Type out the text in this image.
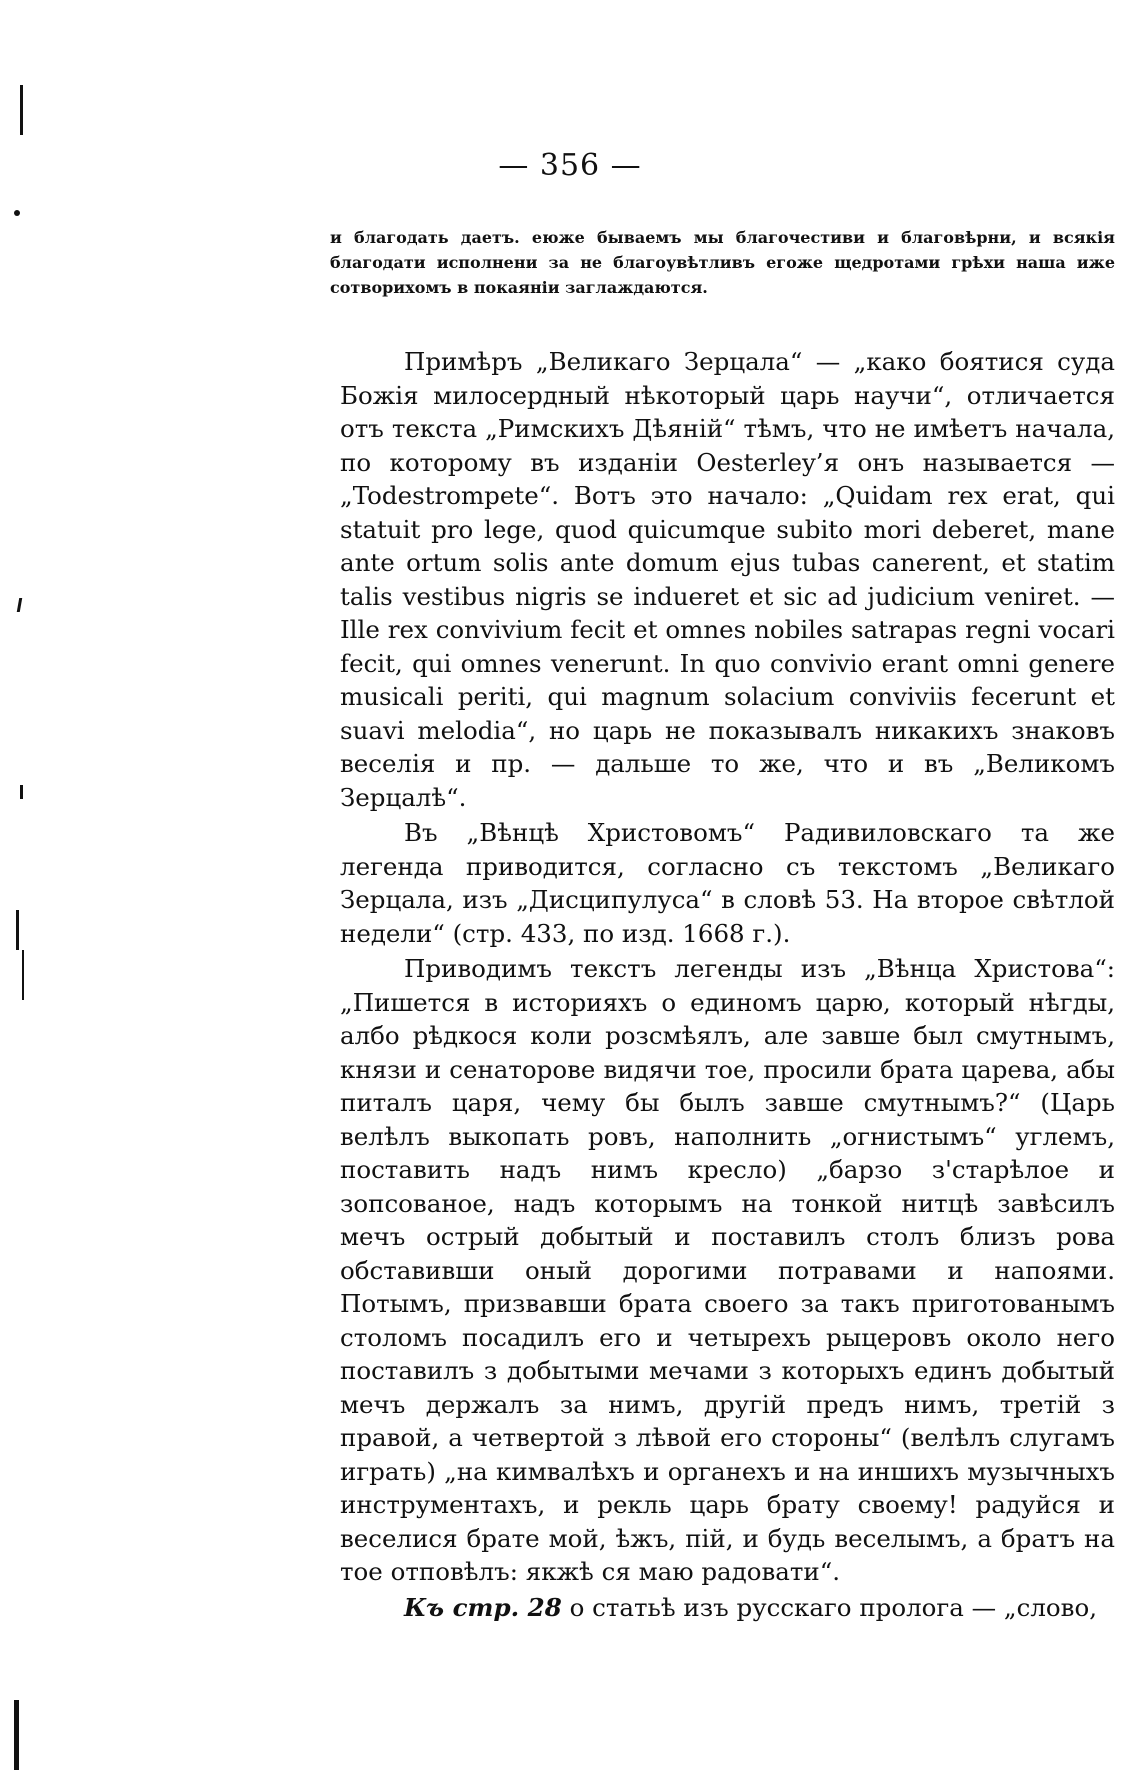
— 356 —
и благодать даетъ. еюже бываемъ мы благочестиви и благовѣрни, и всякія благодати исполнени за не благоувѣтливъ егоже щедротами грѣхи наша иже сотворихомъ в покаяніи заглаждаются.

Примѣръ „Великаго Зерцала“ — „како боятися суда Божія милосердный нѣкоторый царь научи“, отличается отъ текста „Римскихъ Дѣяній“ тѣмъ, что не имѣетъ начала, по которому въ изданіи Oesterley’я онъ называется — „Todestrompete“. Вотъ это начало: „Quidam rex erat, qui statuit pro lege, quod quicumque subito mori deberet, mane ante ortum solis ante domum ejus tubas canerent, et statim talis vestibus nigris se indueret et sic ad judicium veniret. — Ille rex convivium fecit et omnes nobiles satrapas regni vocari fecit, qui omnes venerunt. In quo convivio erant omni genere musicali periti, qui magnum solacium conviviis fecerunt et suavi melodia“, но царь не показывалъ никакихъ знаковъ веселія и пр. — дальше то же, что и въ „Великомъ Зерцалѣ“.

Въ „Вѣнцѣ Христовомъ“ Радивиловскаго та же легенда приводится, согласно съ текстомъ „Великаго Зерцала, изъ „Дисципулуса“ в словѣ 53. На второе свѣтлой недели“ (стр. 433, по изд. 1668 г.).

Приводимъ текстъ легенды изъ „Вѣнца Христова“: „Пишется в историяхъ о единомъ царю, который нѣгды, албо рѣдкося коли розсмѣялъ, але завше был смутнымъ, князи и сенаторове видячи тое, просили брата царева, абы питалъ царя, чему бы былъ завше смутнымъ?“ (Царь велѣлъ выкопать ровъ, наполнить „огнистымъ“ углемъ, поставить надъ нимъ кресло) „барзо з'старѣлое и зопсованое, надъ которымъ на тонкой нитцѣ завѣсилъ мечъ острый добытый и поставилъ столъ близъ рова обставивши оный дорогими потравами и напоями. Потымъ, призвавши брата своего за такъ приготованымъ столомъ посадилъ его и четырехъ рыцеровъ около него поставилъ з добытыми мечами з которыхъ единъ добытый мечъ держалъ за нимъ, другій предъ нимъ, третій з правой, а четвертой з лѣвой его стороны“ (велѣлъ слугамъ играть) „на кимвалѣхъ и органехъ и на иншихъ музычныхъ инструментахъ, и рекль царь брату своему! радуйся и веселися брате мой, ѣжъ, пій, и будь веселымъ, а братъ на тое отповѣлъ: якжѣ ся маю радовати“.

Къ стр. 28 о статьѣ изъ русскаго пролога — „слово,
